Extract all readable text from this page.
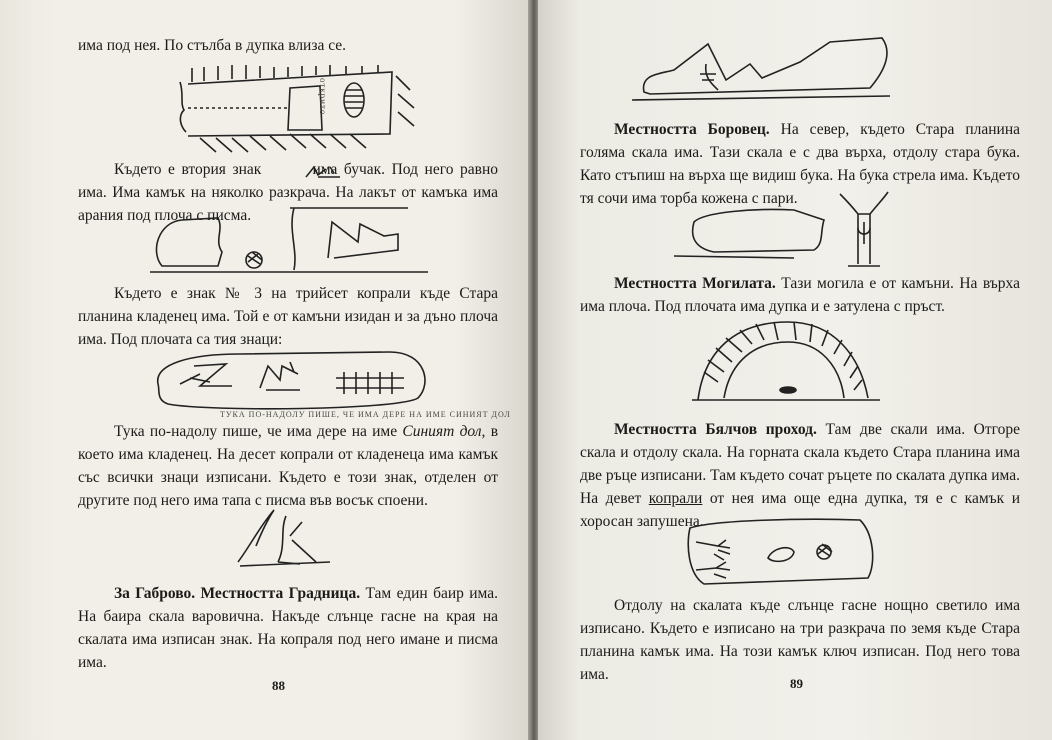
има под нея. По стълба в дупка влиза се.

открито

Където е втория знак	има бучак. Под него равно има. Има камък на няколко разкрача. На лакът от камъка има арания под плоча с писма.

Където е знак № 3 на трийсет копрали къде Стара планина кладенец има. Той е от камъни изидан и за дъно плоча има. Под плочата са тия знаци:

ТУКА ПО-НАДОЛУ ПИШЕ, ЧЕ ИМА ДЕРЕ НА ИМЕ СИНИЯТ ДОЛ

Тука по-надолу пише, че има дере на име Синият дол, в което има кладенец. На десет копрали от кладенеца има камък със всички знаци изписани. Където е този знак, отделен от другите под него има тапа с писма във восък споени.

За Габрово. Местността Градница. Там един баир има. На баира скала варовична. Накъде слънце гасне на края на скалата има изписан знак. На копраля под него имане и писма има.

88

Местността Боровец. На север, където Стара планина голяма скала има. Тази скала е с два върха, отдолу стара бука. Като стъпиш на върха ще видиш бука. На бука стрела има. Където тя сочи има торба кожена с пари.

Местността Могилата. Тази могила е от камъни. На върха има плоча. Под плочата има дупка и е затулена с пръст.

Местността Бялчов проход. Там две скали има. Отгоре скала и отдолу скала. На горната скала където Стара планина има две ръце изписани. Там където сочат ръцете по скалата дупка има. На девет копрали от нея има още една дупка, тя е с камък и хоросан запушена.

Отдолу на скалата къде слънце гасне нощно светило има изписано. Където е изписано на три разкрача по земя къде Стара планина камък има. На този камък ключ изписан. Под него това има.

89
